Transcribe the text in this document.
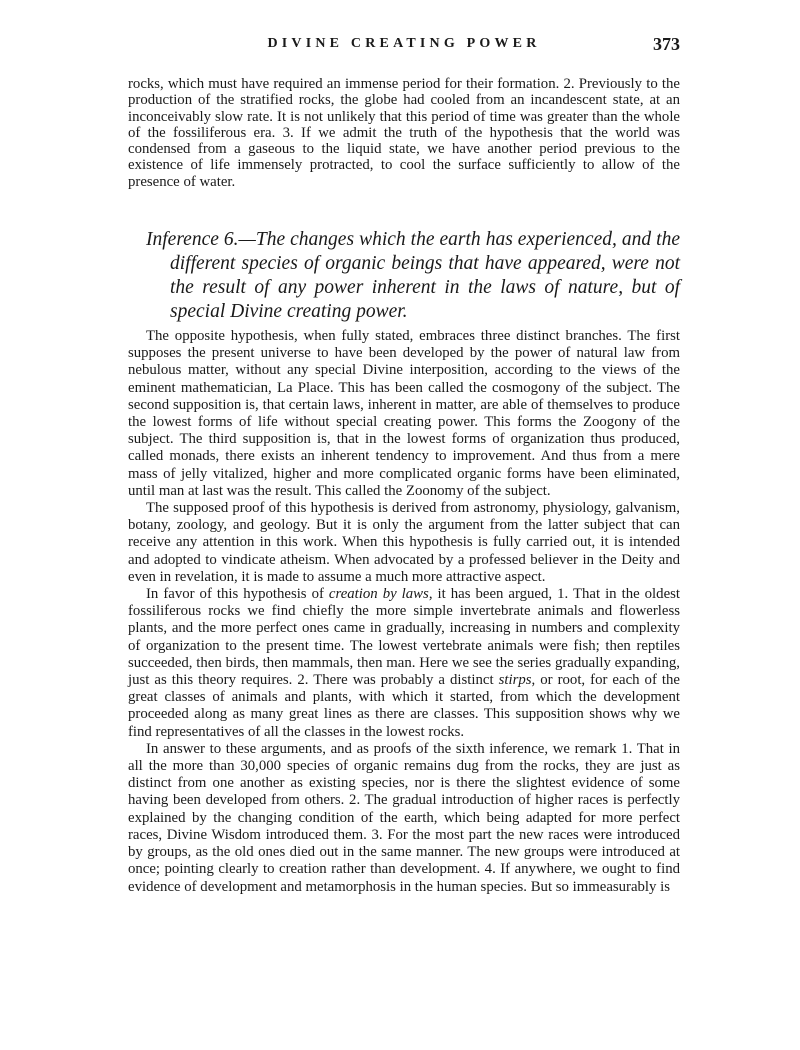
DIVINE CREATING POWER	373

rocks, which must have required an immense period for their formation. 2. Previously to the production of the stratified rocks, the globe had cooled from an incandescent state, at an inconceivably slow rate. It is not unlikely that this period of time was greater than the whole of the fossiliferous era. 3. If we admit the truth of the hypothesis that the world was condensed from a gaseous to the liquid state, we have another period previous to the existence of life immensely protracted, to cool the surface sufficiently to allow of the presence of water.

Inference 6.—The changes which the earth has experienced, and the different species of organic beings that have appeared, were not the result of any power inherent in the laws of nature, but of special Divine creating power.

The opposite hypothesis, when fully stated, embraces three distinct branches. The first supposes the present universe to have been developed by the power of natural law from nebulous matter, without any special Divine interposition, according to the views of the eminent mathematician, La Place. This has been called the cosmogony of the subject. The second supposition is, that certain laws, inherent in matter, are able of themselves to produce the lowest forms of life without special creating power. This forms the Zoogony of the subject. The third supposition is, that in the lowest forms of organization thus produced, called monads, there exists an inherent tendency to improvement. And thus from a mere mass of jelly vitalized, higher and more complicated organic forms have been eliminated, until man at last was the result. This called the Zoonomy of the subject.

The supposed proof of this hypothesis is derived from astronomy, physiology, galvanism, botany, zoology, and geology. But it is only the argument from the latter subject that can receive any attention in this work. When this hypothesis is fully carried out, it is intended and adopted to vindicate atheism. When advocated by a professed believer in the Deity and even in revelation, it is made to assume a much more attractive aspect.

In favor of this hypothesis of creation by laws, it has been argued, 1. That in the oldest fossiliferous rocks we find chiefly the more simple invertebrate animals and flowerless plants, and the more perfect ones came in gradually, increasing in numbers and complexity of organization to the present time. The lowest vertebrate animals were fish; then reptiles succeeded, then birds, then mammals, then man. Here we see the series gradually expanding, just as this theory requires. 2. There was probably a distinct stirps, or root, for each of the great classes of animals and plants, with which it started, from which the development proceeded along as many great lines as there are classes. This supposition shows why we find representatives of all the classes in the lowest rocks.

In answer to these arguments, and as proofs of the sixth inference, we remark 1. That in all the more than 30,000 species of organic remains dug from the rocks, they are just as distinct from one another as existing species, nor is there the slightest evidence of some having been developed from others. 2. The gradual introduction of higher races is perfectly explained by the changing condition of the earth, which being adapted for more perfect races, Divine Wisdom introduced them. 3. For the most part the new races were introduced by groups, as the old ones died out in the same manner. The new groups were introduced at once; pointing clearly to creation rather than development. 4. If anywhere, we ought to find evidence of development and metamorphosis in the human species. But so immeasurably is
